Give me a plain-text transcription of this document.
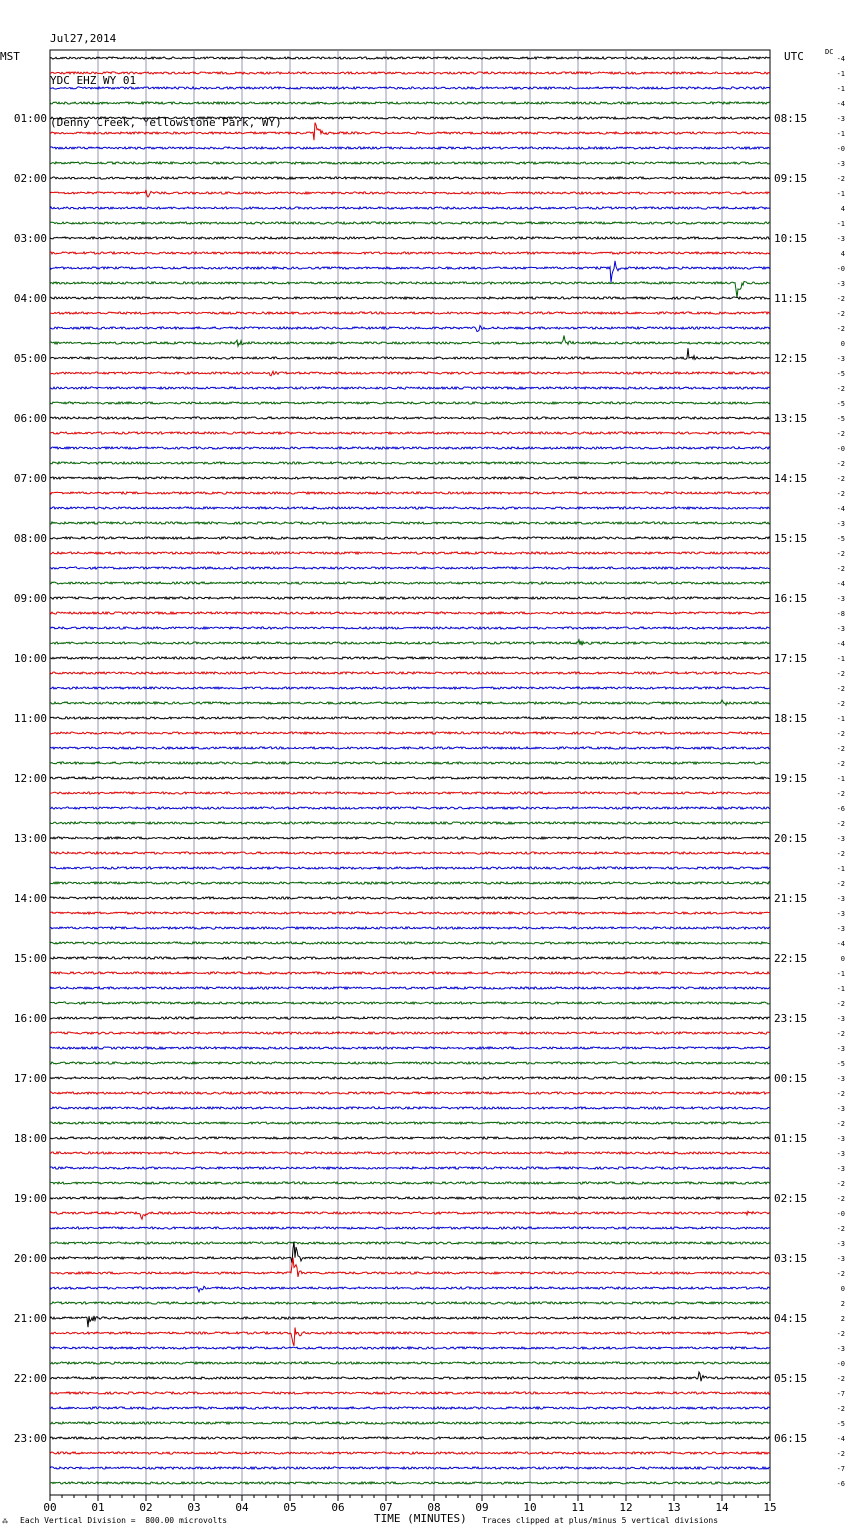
Jul27,2014

YDC EHZ WY 01

(Denny Creek, Yellowstone Park, WY)

MST	UTC	DC
00	01	02	03	04	05	06	07	08	09	10	11	12	13	14	15
-4
-1
-1
-4
-3
01:00	08:15
-1
-0
-3
-2
02:00	09:15
-1
4
-1
-3
03:00	10:15
4
-0
-3
-2
04:00	11:15
-2
-2
0
-3
05:00	12:15
-5
-2
-5
-5
06:00	13:15
-2
-0
-2
-2
07:00	14:15
-2
-4
-3
-5
08:00	15:15
-2
-2
-4
-3
09:00	16:15
-8
-3
-4
-1
10:00	17:15
-2
-2
-2
-1
11:00	18:15
-2
-2
-2
-1
12:00	19:15
-2
-6
-2
-3
13:00	20:15
-2
-1
-2
-3
14:00	21:15
-3
-3
-4
0
15:00	22:15
-1
-1
-2
-3
16:00	23:15
-2
-3
-5
-3
17:00	00:15
-2
-3
-2
-3
18:00	01:15
-3
-3
-2
-2
19:00	02:15
-0
-2
-3
-3
20:00	03:15
-2
0
2
2
21:00	04:15
-2
-3
-0
-2
22:00	05:15
-7
-2
-5
-4
23:00	06:15
-2
-7
-6
⁂ Each Vertical Division =  800.00 microvolts	TIME (MINUTES) Traces clipped at plus/minus 5 vertical divisions
